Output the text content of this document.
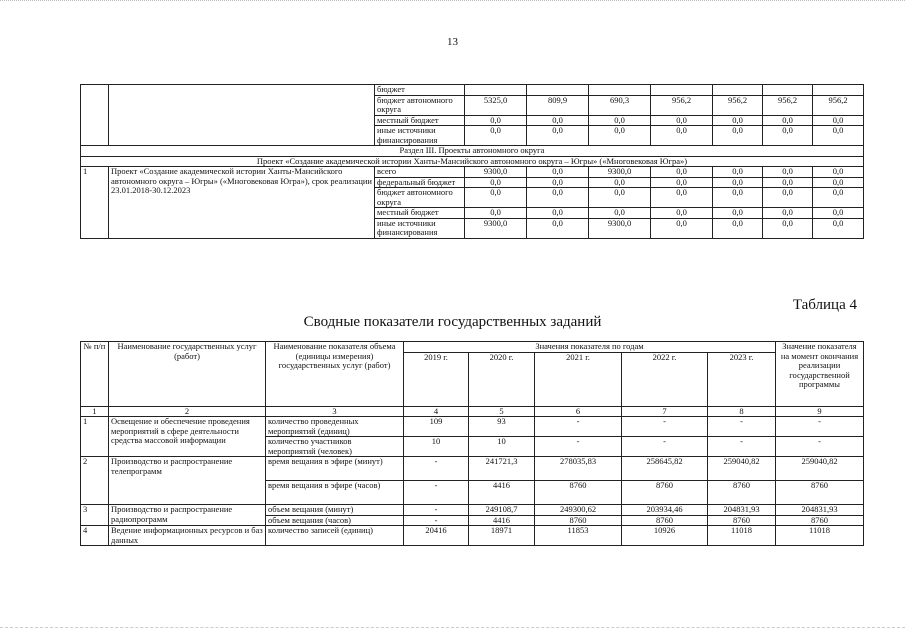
13
		бюджет							
		бюджет автономного округа	5325,0	809,9	690,3	956,2	956,2	956,2	956,2
		местный бюджет	0,0	0,0	0,0	0,0	0,0	0,0	0,0
		иные источники финансирования	0,0	0,0	0,0	0,0	0,0	0,0	0,0
Раздел III. Проекты автономного округа									
Проект «Создание академической истории Ханты-Мансийского автономного округа – Югры» («Многовековая Югра»)									
1	Проект «Создание академической истории Ханты-Мансийского автономного округа – Югры» («Многовековая Югра»), срок реализации 23.01.2018-30.12.2023	всего	9300,0	0,0	9300,0	0,0	0,0	0,0	0,0
		федеральный бюджет	0,0	0,0	0,0	0,0	0,0	0,0	0,0
		бюджет автономного округа	0,0	0,0	0,0	0,0	0,0	0,0	0,0
		местный бюджет	0,0	0,0	0,0	0,0	0,0	0,0	0,0
		иные источники финансирования	9300,0	0,0	9300,0	0,0	0,0	0,0	0,0
Таблица 4
Сводные показатели государственных заданий
№ п/п	Наименование государственных услуг (работ)	Наименование показателя объема (единицы измерения) государственных услуг (работ)	Значения показателя по годам					Значение показателя на момент окончания реализации государственной программы
			2019 г.	2020 г.	2021 г.	2022 г.	2023 г.	
1	2	3	4	5	6	7	8	9
1	Освещение и обеспечение проведения мероприятий в сфере деятельности средства массовой информации	количество проведенных мероприятий (единиц)	109	93	-	-	-	-
		количество участников мероприятий (человек)	10	10	-	-	-	-
2	Производство и распространение телепрограмм	время вещания в эфире (минут)	-	241721,3	278035,83	258645,82	259040,82	259040,82
		время вещания в эфире (часов)	-	4416	8760	8760	8760	8760
3	Производство и распространение радиопрограмм	объем вещания (минут)	-	249108,7	249300,62	203934,46	204831,93	204831,93
		объем вещания (часов)	-	4416	8760	8760	8760	8760
4	Ведение информационных ресурсов и баз данных	количество записей (единиц)	20416	18971	11853	10926	11018	11018
